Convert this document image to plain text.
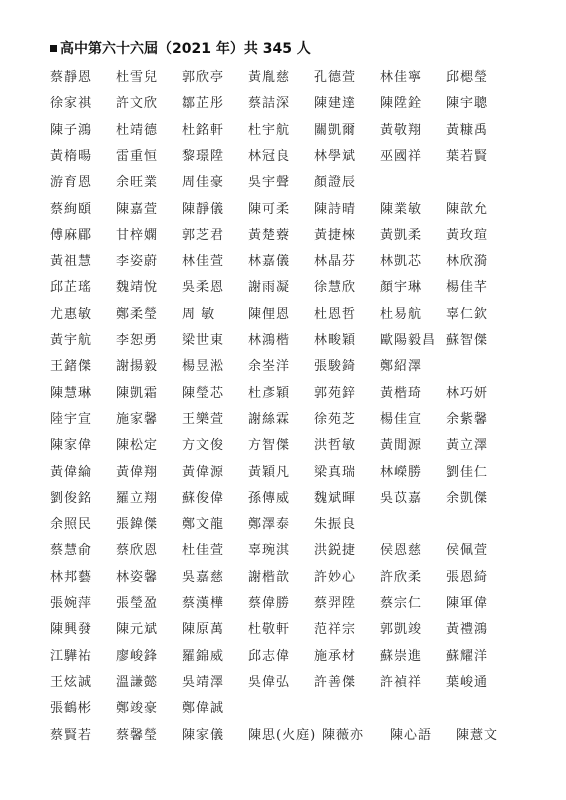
高中第六十六屆（2021 年）共 345 人
蔡靜恩 杜雪兒 郭欣亭 黃胤慈 孔德萱 林佳寧 邱楒瑩
徐家祺 許文欣 鄒芷彤 蔡詰深 陳建達 陳陞銓 陳宇聰
陳子鴻 杜靖德 杜銘軒 杜宇航 關凱爾 黃敬翔 黃糠禹
黃楕暘 雷重恒 黎璟陞 林冠良 林學斌 巫國祥 葉若賢
游育恩 余旺業 周佳豪 吳宇聲 顏證辰
蔡絢頤 陳嘉萱 陳靜儀 陳可柔 陳詩晴 陳業敏 陳歆允
傅麻郿 甘梓嫻 郭芝君 黃楚藔 黃捷棶 黃凱柔 黃玫瑄
黃祖慧 李姿蔚 林佳萱 林嘉儀 林晶芬 林凱芯 林欣漪
邱芷瑤 魏靖悅 吳柔恩 謝雨凝 徐慧欣 顏宇琳 楊佳芊
尤惠敏 鄭柔瑩 周 敏	陳俚恩 杜恩哲 杜易航 辜仁欽
黃宇航 李恕勇 梁世東 林鴻楷 林畯穎 歐陽毅昌 蘇智傑
王鍺傑 謝揚毅 楊昱淞 余峑洋 張駿錡 鄭紹澤
陳慧琳 陳凱霜 陳瑩芯 杜彥穎 郭苑鋅 黃楷琦 林巧妍
陸宇宣 施家馨 王樂萱 謝絲霖 徐苑芝 楊佳宣 余紫馨
陳家偉 陳松定 方文俊 方智傑 洪哲敏 黃閒源 黃立澤
黃偉綸 黃偉翔 黃偉源 黃穎凡 梁真瑞 林嶸勝 劉佳仁
劉俊銘 羅立翔 蘇俊偉 孫傳威 魏斌暉 吳苡嘉 余凱傑
余照民 張鍏傑 鄭文龍 鄭澤泰 朱振良
蔡慧俞 蔡欣恩 杜佳萱 辜琬淇 洪鋭捷 侯恩慈 侯佩萱
林邦藝 林姿馨 吳嘉慈 謝楷歆 許妙心 許欣柔 張恩綺
張婉萍 張瑩盈 蔡漢樺 蔡偉勝 蔡羿陞 蔡宗仁 陳軍偉
陳興發 陳元斌 陳原萬 杜敬軒 范祥宗 郭凱竣 黃禮鴻
江驊祐 廖峻鋒 羅錦威 邱志偉 施承材 蘇崇進 蘇耀洋
王炫誠 溫謙懿 吳靖澤 吳偉弘 許善傑 許禎祥 葉峻通
張鶴彬 鄭竣豪 鄭偉誠
蔡賢若 蔡馨瑩 陳家儀 陳思(火庭) 陳薇亦 陳心語 陳薏文
